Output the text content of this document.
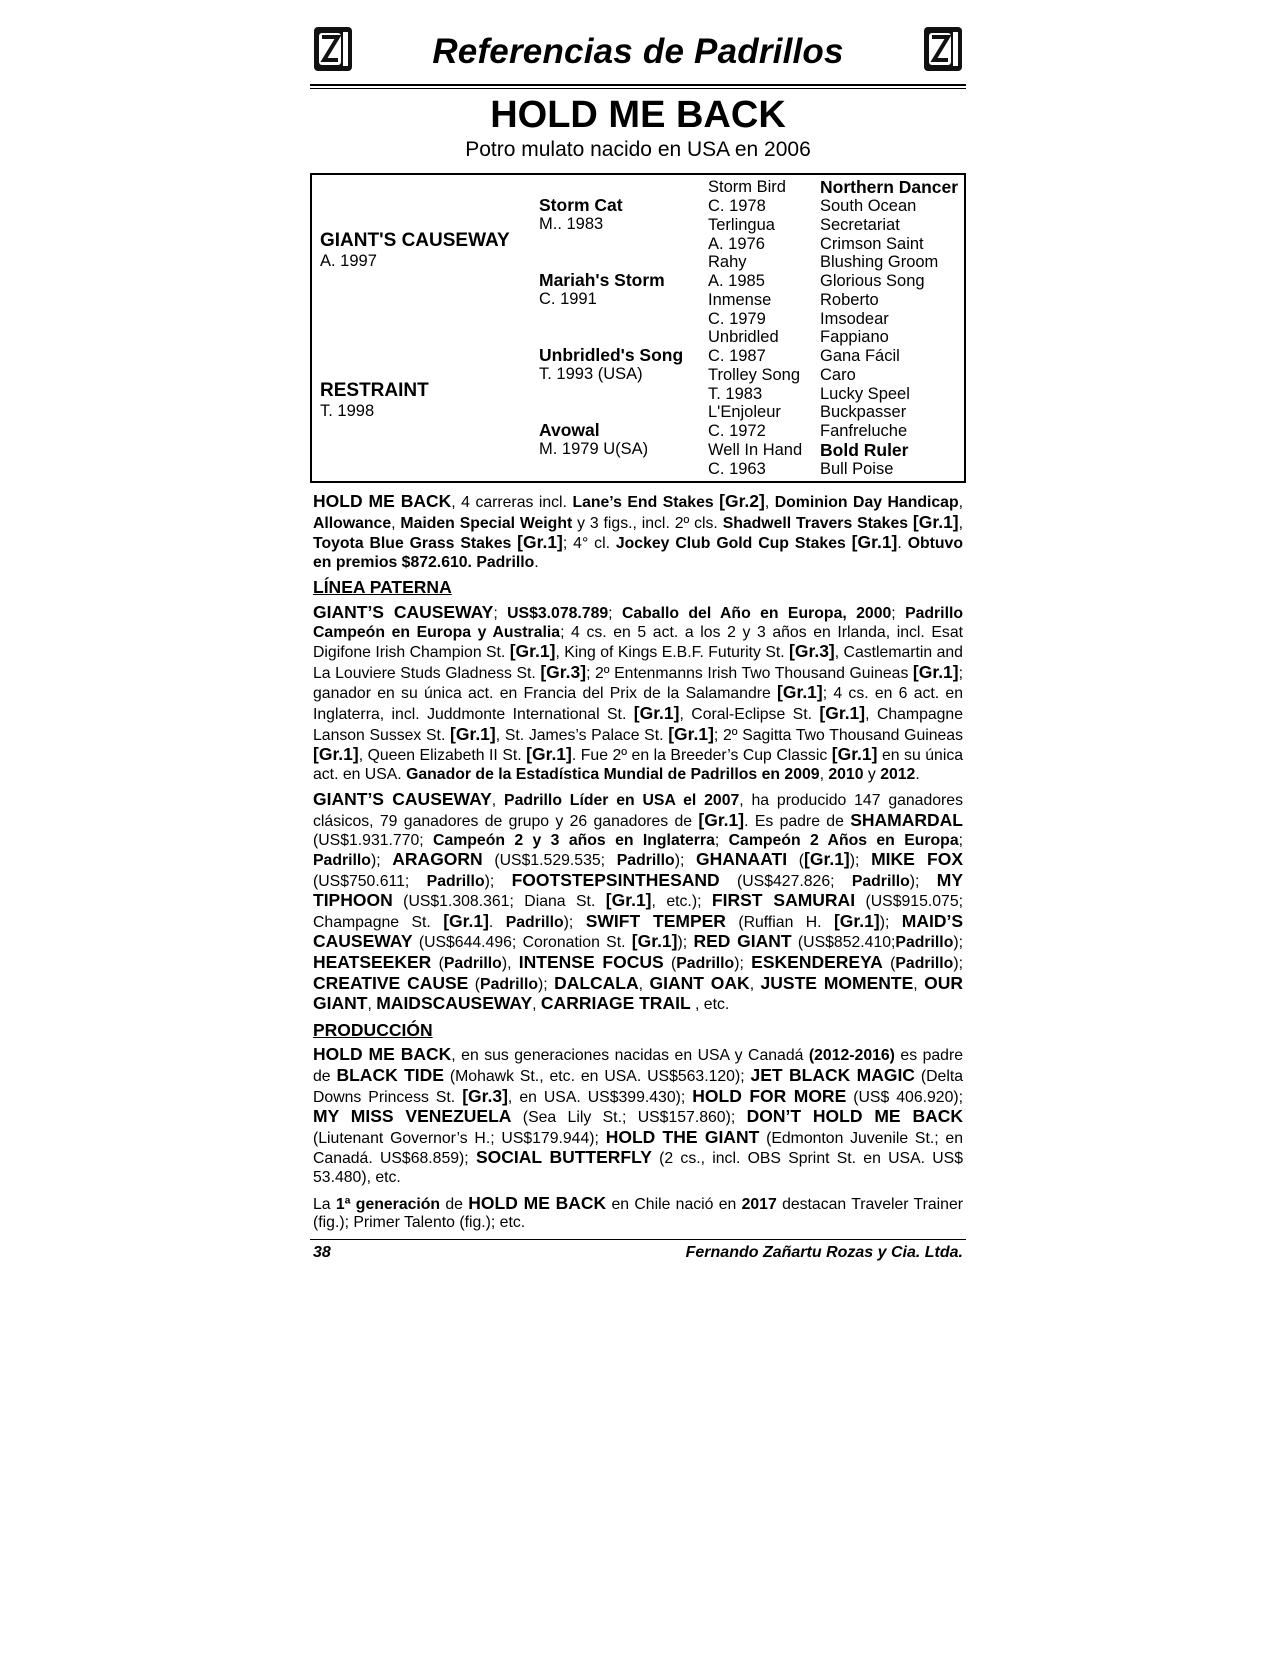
Referencias de Padrillos
HOLD ME BACK
Potro mulato nacido en USA en 2006
GIANT'S CAUSEWAY
A. 1997
RESTRAINT
T. 1998
Storm Cat
M.. 1983
Mariah's Storm
C. 1991
Unbridled's Song
T. 1993 (USA)
Avowal
M. 1979 U(SA)
Storm Bird
C. 1978
Terlingua
A. 1976
Rahy
A. 1985
Inmense
C. 1979
Unbridled
C. 1987
Trolley Song
T. 1983
L'Enjoleur
C. 1972
Well In Hand
C. 1963
Northern Dancer
South Ocean
Secretariat
Crimson Saint
Blushing Groom
Glorious Song
Roberto
Imsodear
Fappiano
Gana Fácil
Caro
Lucky Speel
Buckpasser
Fanfreluche
Bold Ruler
Bull Poise

HOLD ME BACK, 4 carreras incl. Lane’s End Stakes [Gr.2], Dominion Day Handicap, Allowance, Maiden Special Weight y 3 figs., incl. 2º cls. Shadwell Travers Stakes [Gr.1], Toyota Blue Grass Stakes [Gr.1]; 4° cl. Jockey Club Gold Cup Stakes [Gr.1]. Obtuvo en premios $872.610. Padrillo.

LÍNEA PATERNA

GIANT’S CAUSEWAY; US$3.078.789; Caballo del Año en Europa, 2000; Padrillo Campeón en Europa y Australia; 4 cs. en 5 act. a los 2 y 3 años en Irlanda, incl. Esat Digifone Irish Champion St. [Gr.1], King of Kings E.B.F. Futurity St. [Gr.3], Castlemartin and La Louviere Studs Gladness St. [Gr.3]; 2º Entenmanns Irish Two Thousand Guineas [Gr.1]; ganador en su única act. en Francia del Prix de la Salamandre [Gr.1]; 4 cs. en 6 act. en Inglaterra, incl. Juddmonte International St. [Gr.1], Coral-Eclipse St. [Gr.1], Champagne Lanson Sussex St. [Gr.1], St. James’s Palace St. [Gr.1]; 2º Sagitta Two Thousand Guineas [Gr.1], Queen Elizabeth II St. [Gr.1]. Fue 2º en la Breeder’s Cup Classic [Gr.1] en su única act. en USA. Ganador de la Estadística Mundial de Padrillos en 2009, 2010 y 2012.

GIANT’S CAUSEWAY, Padrillo Líder en USA el 2007, ha producido 147 ganadores clásicos, 79 ganadores de grupo y 26 ganadores de [Gr.1]. Es padre de SHAMARDAL (US$1.931.770; Campeón 2 y 3 años en Inglaterra; Campeón 2 Años en Europa; Padrillo); ARAGORN (US$1.529.535; Padrillo); GHANAATI ([Gr.1]); MIKE FOX (US$750.611; Padrillo); FOOTSTEPSINTHESAND (US$427.826; Padrillo); MY TIPHOON (US$1.308.361; Diana St. [Gr.1], etc.); FIRST SAMURAI (US$915.075; Champagne St. [Gr.1]. Padrillo); SWIFT TEMPER (Ruffian H. [Gr.1]); MAID’S CAUSEWAY (US$644.496; Coronation St. [Gr.1]); RED GIANT (US$852.410;Padrillo); HEATSEEKER (Padrillo), INTENSE FOCUS (Padrillo); ESKENDEREYA (Padrillo); CREATIVE CAUSE (Padrillo); DALCALA, GIANT OAK, JUSTE MOMENTE, OUR GIANT, MAIDSCAUSEWAY, CARRIAGE TRAIL , etc.

PRODUCCIÓN

HOLD ME BACK, en sus generaciones nacidas en USA y Canadá (2012-2016) es padre de BLACK TIDE (Mohawk St., etc. en USA. US$563.120); JET BLACK MAGIC (Delta Downs Princess St. [Gr.3], en USA. US$399.430); HOLD FOR MORE (US$ 406.920); MY MISS VENEZUELA (Sea Lily St.; US$157.860); DON’T HOLD ME BACK (Liutenant Governor’s H.; US$179.944); HOLD THE GIANT (Edmonton Juvenile St.; en Canadá. US$68.859); SOCIAL BUTTERFLY (2 cs., incl. OBS Sprint St. en USA. US$ 53.480), etc.

La 1ª generación de HOLD ME BACK en Chile nació en 2017 destacan Traveler Trainer (fig.); Primer Talento (fig.); etc.

38	Fernando Zañartu Rozas y Cia. Ltda.
